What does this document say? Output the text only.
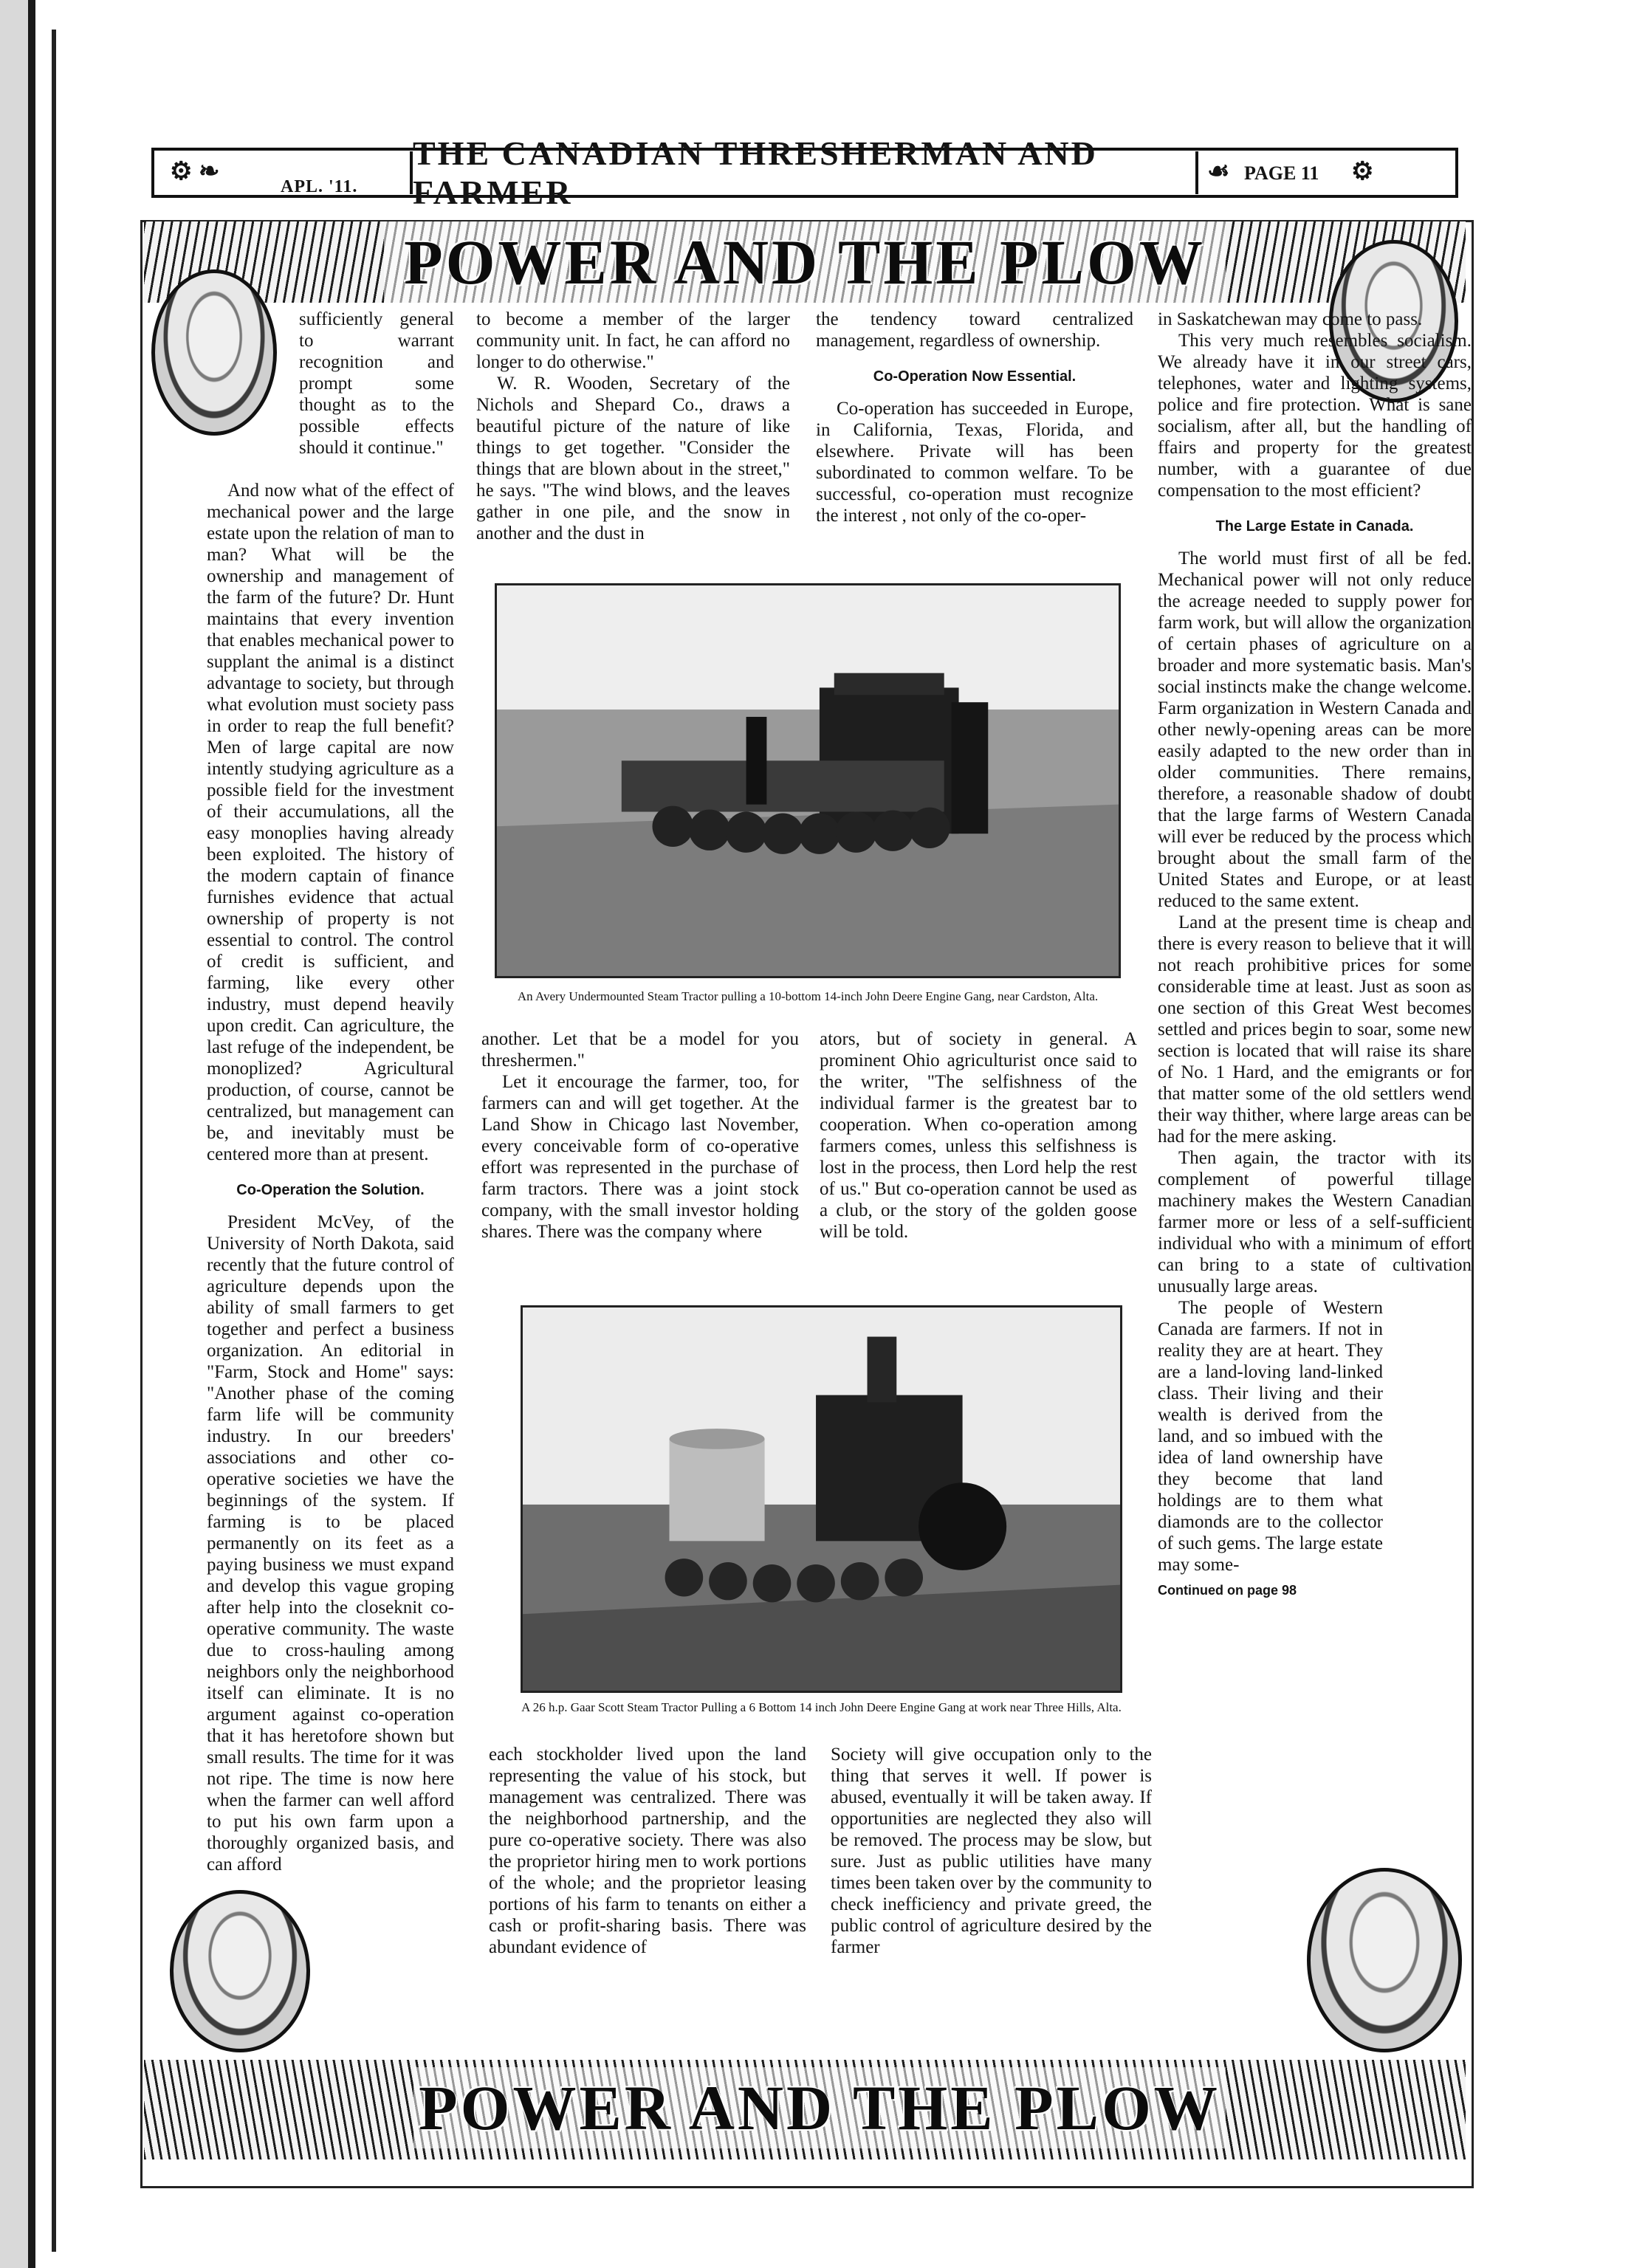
⚙︎ ❧
APL. '11.
THE CANADIAN THRESHERMAN AND FARMER
☙ PAGE 11 ⚙︎
POWER AND THE PLOW

sufficiently general to warrant recognition and prompt some thought as to the possible effects should it continue."

And now what of the effect of mechanical power and the large estate upon the relation of man to man? What will be the ownership and management of the farm of the future? Dr. Hunt maintains that every invention that enables mechanical power to supplant the animal is a distinct advantage to society, but through what evolution must society pass in order to reap the full benefit? Men of large capital are now intently studying agriculture as a possible field for the investment of their accumulations, all the easy monoplies having already been exploited. The history of the modern captain of finance furnishes evidence that actual ownership of property is not essential to control. The control of credit is sufficient, and farming, like every other industry, must depend heavily upon credit. Can agriculture, the last refuge of the independent, be monoplized? Agricultural production, of course, cannot be centralized, but management can be, and inevitably must be centered more than at present.

Co-Operation the Solution.

President McVey, of the University of North Dakota, said recently that the future control of agriculture depends upon the ability of small farmers to get together and perfect a business organization. An editorial in "Farm, Stock and Home" says: "Another phase of the coming farm life will be community industry. In our breeders' associations and other co-operative societies we have the beginnings of the system. If farming is to be placed permanently on its feet as a paying business we must expand and develop this vague groping after help into the closeknit co-operative community. The waste due to cross-hauling among neighbors only the neighborhood itself can eliminate. It is no argument against co-operation that it has heretofore shown but small results. The time for it was not ripe. The time is now here when the farmer can well afford to put his own farm upon a thoroughly organized basis, and can afford

to become a member of the larger community unit. In fact, he can afford no longer to do otherwise."

W. R. Wooden, Secretary of the Nichols and Shepard Co., draws a beautiful picture of the nature of like things to get together. "Consider the things that are blown about in the street," he says. "The wind blows, and the leaves gather in one pile, and the snow in another and the dust in

the tendency toward centralized management, regardless of ownership.

Co-Operation Now Essential.

Co-operation has succeeded in Europe, in California, Texas, Florida, and elsewhere. Private will has been subordinated to common welfare. To be successful, co-operation must recognize the interest , not only of the co-oper-

An Avery Undermounted Steam Tractor pulling a 10-bottom 14-inch John Deere Engine Gang, near Cardston, Alta.

another. Let that be a model for you threshermen."

Let it encourage the farmer, too, for farmers can and will get together. At the Land Show in Chicago last November, every conceivable form of co-operative effort was represented in the purchase of farm tractors. There was a joint stock company, with the small investor holding shares. There was the company where

ators, but of society in general. A prominent Ohio agriculturist once said to the writer, "The selfishness of the individual farmer is the greatest bar to cooperation. When co-operation among farmers comes, unless this selfishness is lost in the process, then Lord help the rest of us." But co-operation cannot be used as a club, or the story of the golden goose will be told.

A 26 h.p. Gaar Scott Steam Tractor Pulling a 6 Bottom 14 inch John Deere Engine Gang at work near Three Hills, Alta.

each stockholder lived upon the land representing the value of his stock, but management was centralized. There was the neighborhood partnership, and the pure co-operative society. There was also the proprietor hiring men to work portions of the whole; and the proprietor leasing portions of his farm to tenants on either a cash or profit-sharing basis. There was abundant evidence of

Society will give occupation only to the thing that serves it well. If power is abused, eventually it will be taken away. If opportunities are neglected they also will be removed. The process may be slow, but sure. Just as public utilities have many times been taken over by the community to check inefficiency and private greed, the public control of agriculture desired by the farmer

in Saskatchewan may come to pass.

This very much resembles socialism. We already have it in our street cars, telephones, water and lighting systems, police and fire protection. What is sane socialism, after all, but the handling of ffairs and property for the greatest number, with a guarantee of due compensation to the most efficient?

The Large Estate in Canada.

The world must first of all be fed. Mechanical power will not only reduce the acreage needed to supply power for farm work, but will allow the organization of certain phases of agriculture on a broader and more systematic basis. Man's social instincts make the change welcome. Farm organization in Western Canada and other newly-opening areas can be more easily adapted to the new order than in older communities. There remains, therefore, a reasonable shadow of doubt that the large farms of Western Canada will ever be reduced by the process which brought about the small farm of the United States and Europe, or at least reduced to the same extent.

Land at the present time is cheap and there is every reason to believe that it will not reach prohibitive prices for some considerable time at least. Just as soon as one section of this Great West becomes settled and prices begin to soar, some new section is located that will raise its share of No. 1 Hard, and the emigrants or for that matter some of the old settlers wend their way thither, where large areas can be had for the mere asking.

Then again, the tractor with its complement of powerful tillage machinery makes the Western Canadian farmer more or less of a self-sufficient individual who with a minimum of effort can bring to a state of cultivation unusually large areas.

The people of Western Canada are farmers. If not in reality they are at heart. They are a land-loving land-linked class. Their living and their wealth is derived from the land, and so imbued with the idea of land ownership have they become that land holdings are to them what diamonds are to the collector of such gems. The large estate may some-

Continued on page 98
POWER AND THE PLOW
